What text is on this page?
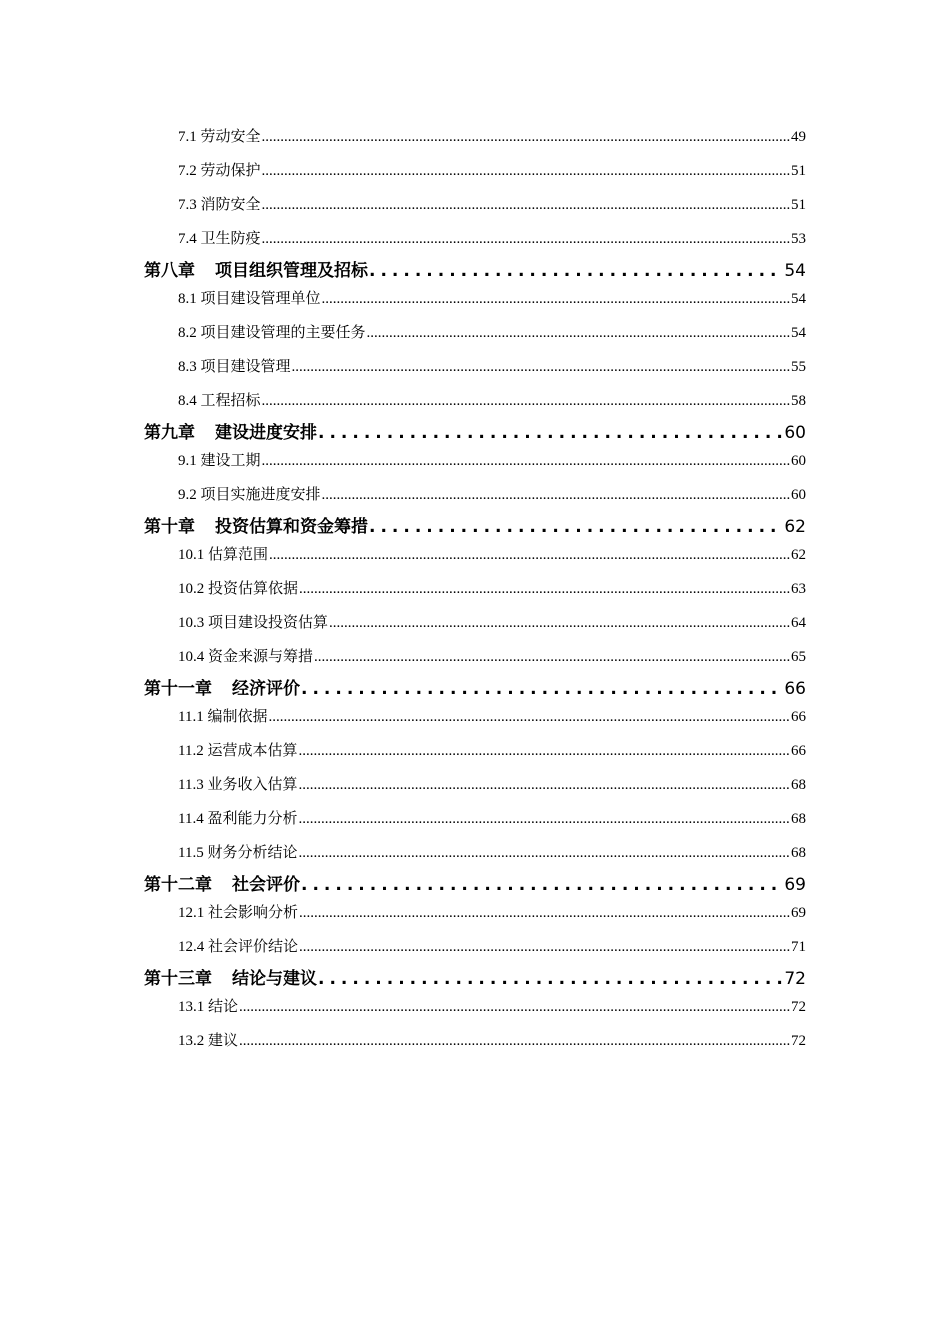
7.1 劳动安全 .....	49
7.2 劳动保护 .....	51
7.3 消防安全 .....	51
7.4 卫生防疫 .....	53
第八章 项目组织管理及招标 .....	54
8.1 项目建设管理单位 .....	54
8.2 项目建设管理的主要任务 .....	54
8.3 项目建设管理 .....	55
8.4 工程招标 .....	58
第九章 建设进度安排 .....	60
9.1 建设工期 .....	60
9.2 项目实施进度安排 .....	60
第十章 投资估算和资金筹措 .....	62
10.1 估算范围 .....	62
10.2 投资估算依据 .....	63
10.3 项目建设投资估算 .....	64
10.4 资金来源与筹措 .....	65
第十一章 经济评价 .....	66
11.1 编制依据 .....	66
11.2 运营成本估算 .....	66
11.3 业务收入估算 .....	68
11.4 盈利能力分析 .....	68
11.5 财务分析结论 .....	68
第十二章 社会评价 .....	69
12.1 社会影响分析 .....	69
12.4 社会评价结论 .....	71
第十三章 结论与建议 .....	72
13.1 结论 .....	72
13.2 建议 .....	72
